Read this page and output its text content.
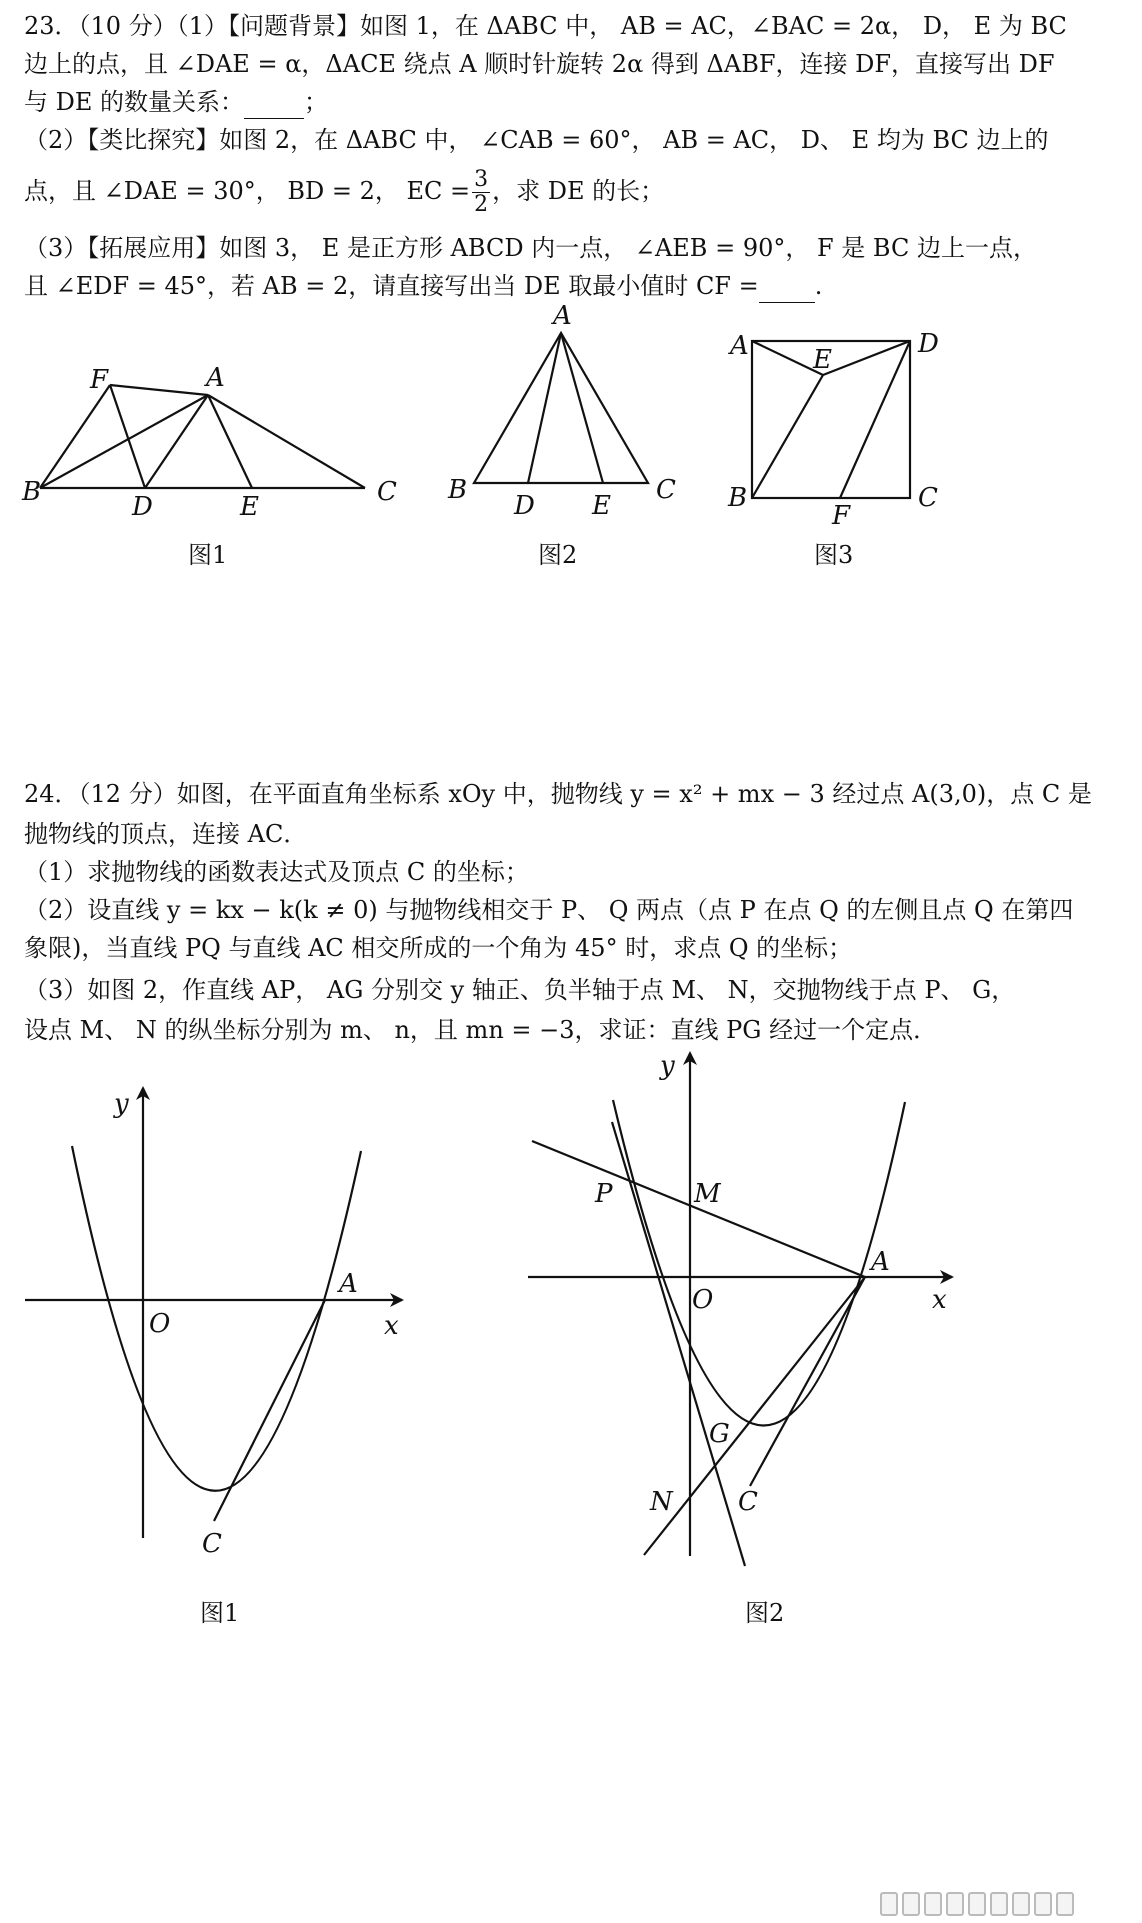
23．（10 分）（1）【问题背景】如图 1，在 ΔABC 中， AB = AC，∠BAC = 2α， D， E 为 BC
边上的点，且 ∠DAE = α，ΔACE 绕点 A 顺时针旋转 2α 得到 ΔABF，连接 DF，直接写出 DF
与 DE 的数量关系：	；
（2）【类比探究】如图 2，在 ΔABC 中， ∠CAB = 60°， AB = AC， D、 E 均为 BC 边上的
点，且 ∠DAE = 30°， BD = 2， EC = $\frac{3}{2}$ ，求 DE 的长；
（3）【拓展应用】如图 3， E 是正方形 ABCD 内一点， ∠AEB = 90°， F 是 BC 边上一点，
且 ∠EDF = 45°，若 AB = 2，请直接写出当 DE 取最小值时 CF = .
F	A
B	D	E	C
A
B
D E
C
A E
D
B
F
C
y
x
O
A
C
y
x
O
A
P	M
G
N	C
图1	图2	图3
24．（12 分）如图，在平面直角坐标系 xOy 中，抛物线 y = x² + mx − 3 经过点 A(3,0)，点 C 是
抛物线的顶点，连接 AC．
（1）求抛物线的函数表达式及顶点 C 的坐标；
（2）设直线 y = kx − k(k ≠ 0) 与抛物线相交于 P、 Q 两点（点 P 在点 Q 的左侧且点 Q 在第四
象限)，当直线 PQ 与直线 AC 相交所成的一个角为 45° 时，求点 Q 的坐标；
（3）如图 2，作直线 AP， AG 分别交 y 轴正、负半轴于点 M、 N，交抛物线于点 P、 G，
设点 M、 N 的纵坐标分别为 m、 n，且 mn = −3，求证：直线 PG 经过一个定点．
图1	图2
